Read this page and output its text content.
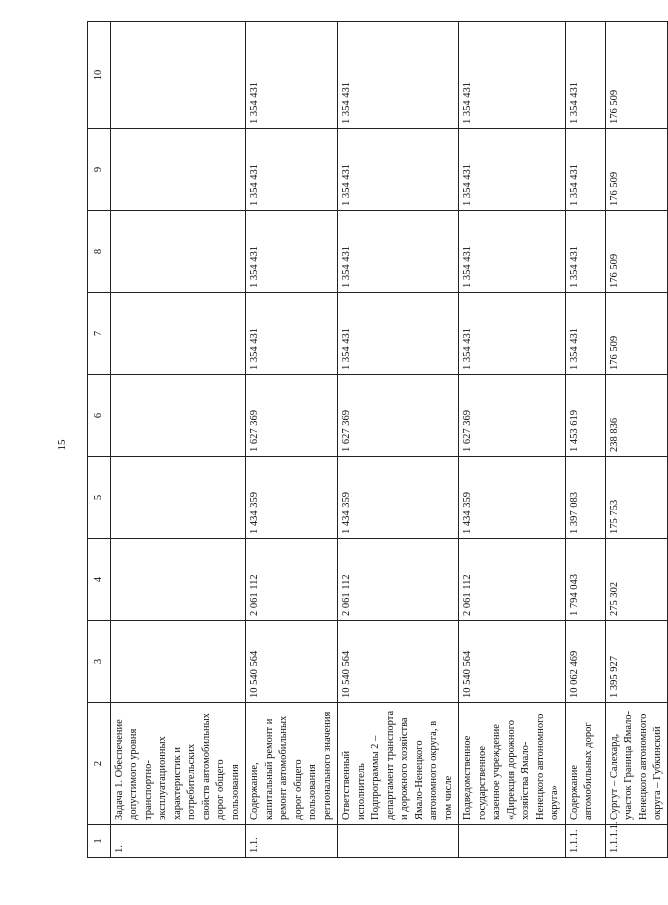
15
1	2	3	4	5	6	7	8	9	10
1.	Задача 1. Обеспечение допустимого уровня транспортно-эксплуатационных характеристик и потребительских свойств автомобильных дорог общего пользования								
1.1.	Содержание, капитальный ремонт и ремонт автомобильных дорог общего пользования регионального значения	10 540 564	2 061 112	1 434 359	1 627 369	1 354 431	1 354 431	1 354 431	1 354 431
	Ответственный исполнитель Подпрограммы 2 – департамент транспорта и дорожного хозяйства Ямало-Ненецкого автономного округа, в том числе	10 540 564	2 061 112	1 434 359	1 627 369	1 354 431	1 354 431	1 354 431	1 354 431
	Подведомственное государственное казенное учреждение «Дирекция дорожного хозяйства Ямало-Ненецкого автономного округа»	10 540 564	2 061 112	1 434 359	1 627 369	1 354 431	1 354 431	1 354 431	1 354 431
1.1.1.	Содержание автомобильных дорог	10 062 469	1 794 043	1 397 083	1 453 619	1 354 431	1 354 431	1 354 431	1 354 431
1.1.1.1.	Сургут – Салехард, участок Граница Ямало-Ненецкого автономного округа – Губкинский	1 395 927	275 302	175 753	238 836	176 509	176 509	176 509	176 509
